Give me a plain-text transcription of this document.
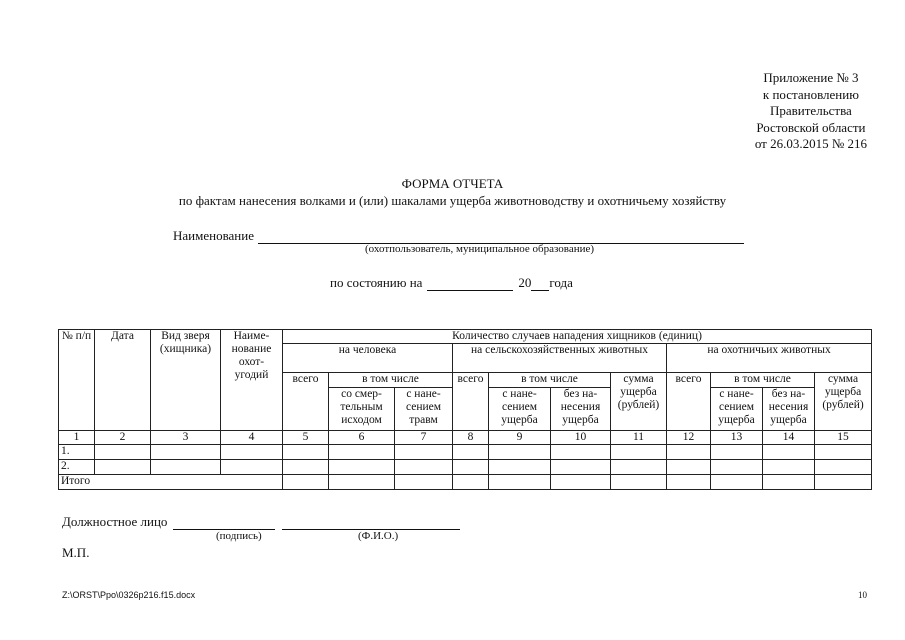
Приложение № 3
к постановлению
Правительства
Ростовской области
от 26.03.2015 № 216
ФОРМА ОТЧЕТА
по фактам нанесения волками и (или) шакалами ущерба животноводству и охотничьему хозяйству
Наименование
(охотпользователь, муниципальное образование)
по состоянию на	20 года
№ п/п	Дата	Вид зверя (хищника)	Наиме- нование охот- угодий	Количество случаев нападения хищников (единиц)										
				на человека			на сельскохозяйственных животных				на охотничьих животных			
				всего	в том числе		всего	в том числе		сумма ущерба (рублей)	всего	в том числе		сумма ущерба (рублей)
					со смер- тельным исходом	с нане- сением травм		с нане- сением ущерба	без на- несения ущерба			с нане- сением ущерба	без на- несения ущерба	
1	2	3	4	5	6	7	8	9	10	11	12	13	14	15
1.														
2.														
Итого														
Должностное лицо
(подпись)	(Ф.И.О.)
М.П.
Z:\ORST\Ppo\0326p216.f15.docx	10
